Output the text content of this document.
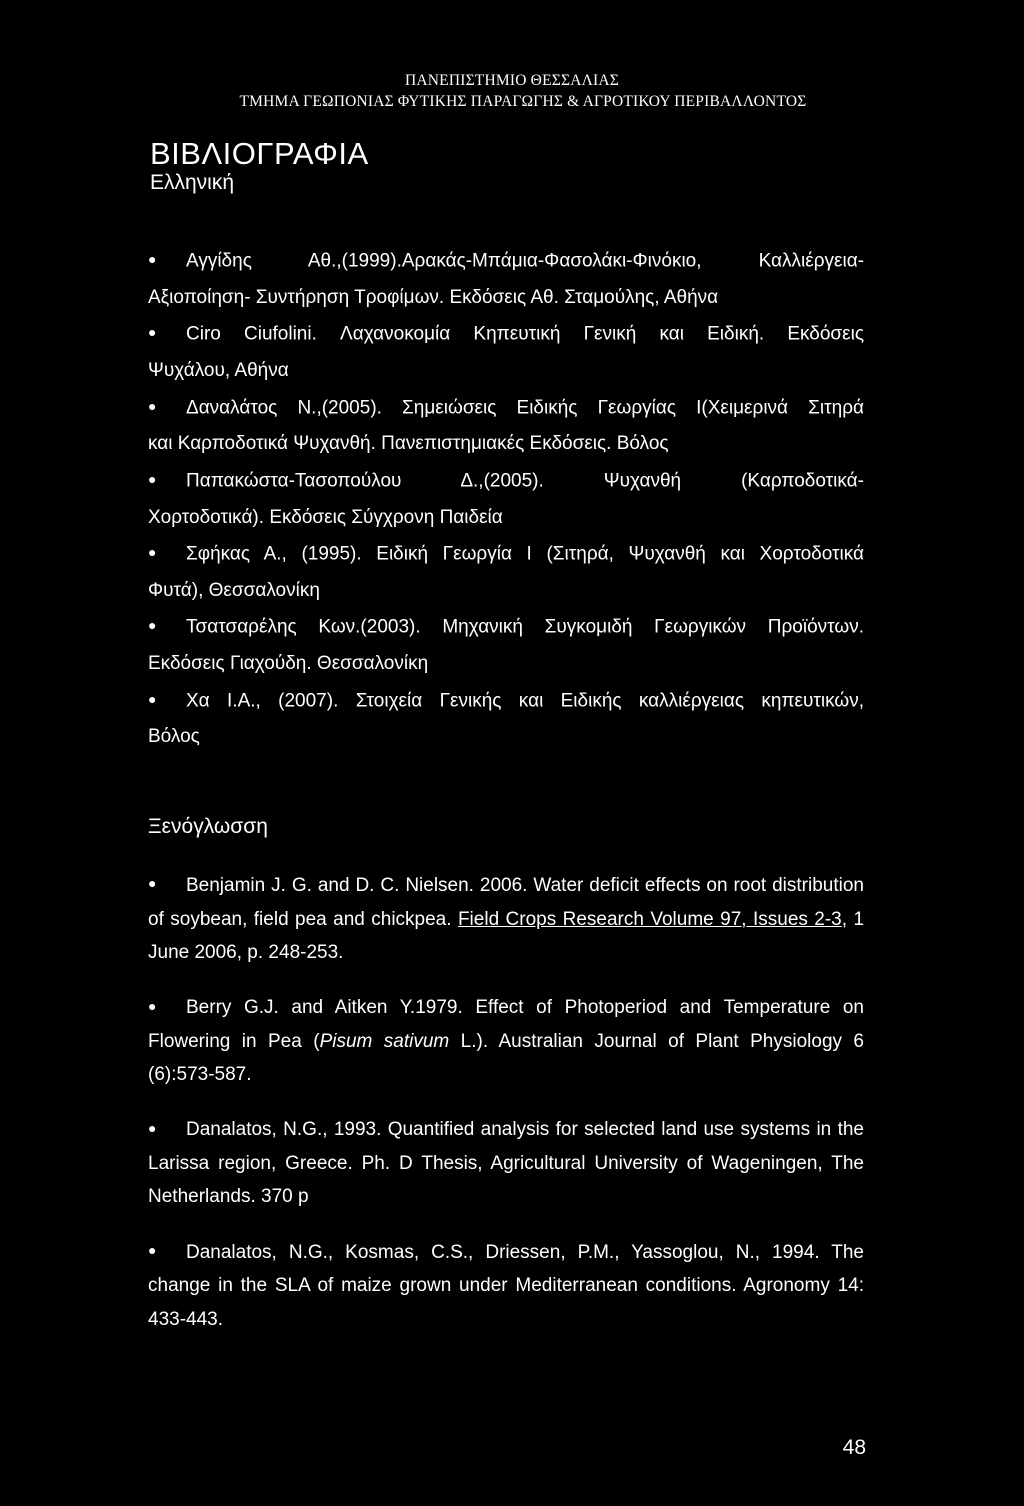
ΠΑΝΕΠΙΣΤΗΜΙΟ ΘΕΣΣΑΛΙΑΣ
ΤΜΗΜΑ ΓΕΩΠΟΝΙΑΣ ΦΥΤΙΚΗΣ ΠΑΡΑΓΩΓΗΣ & ΑΓΡΟΤΙΚΟΥ ΠΕΡΙΒΑΛΛΟΝΤΟΣ
ΒΙΒΛΙΟΓΡΑΦΙΑ
Ελληνική
● Αγγίδης Αθ.,(1999).Αρακάς-Μπάμια-Φασολάκι-Φινόκιο, Καλλιέργεια-
Αξιοποίηση- Συντήρηση Τροφίμων. Εκδόσεις Αθ. Σταμούλης, Αθήνα
● Ciro Ciufolini. Λαχανοκομία Κηπευτική Γενική και Ειδική. Εκδόσεις
Ψυχάλου, Αθήνα
● Δαναλάτος Ν.,(2005). Σημειώσεις Ειδικής Γεωργίας Ι(Χειμερινά Σιτηρά
και Καρποδοτικά Ψυχανθή. Πανεπιστημιακές Εκδόσεις. Βόλος
● Παπακώστα-Τασοπούλου Δ.,(2005). Ψυχανθή (Καρποδοτικά-
Χορτοδοτικά). Εκδόσεις Σύγχρονη Παιδεία
● Σφήκας Α., (1995). Ειδική Γεωργία Ι (Σιτηρά, Ψυχανθή και Χορτοδοτικά
Φυτά), Θεσσαλονίκη
● Τσατσαρέλης Κων.(2003). Μηχανική Συγκομιδή Γεωργικών Προϊόντων.
Εκδόσεις Γιαχούδη. Θεσσαλονίκη
● Χα Ι.Α., (2007). Στοιχεία Γενικής και Ειδικής καλλιέργειας κηπευτικών,
Βόλος
Ξενόγλωσση
● Benjamin J. G. and D. C. Nielsen. 2006. Water deficit effects on root distribution of soybean, field pea and chickpea. Field Crops Research Volume 97, Issues 2-3, 1 June 2006, p. 248-253.
● Berry G.J. and Aitken Y.1979. Effect of Photoperiod and Temperature on Flowering in Pea (Pisum sativum L.). Australian Journal of Plant Physiology 6 (6):573-587.
● Danalatos, N.G., 1993. Quantified analysis for selected land use systems in the Larissa region, Greece. Ph. D Thesis, Agricultural University of Wageningen, The Netherlands. 370 p
● Danalatos, N.G., Kosmas, C.S., Driessen, P.M., Yassoglou, N., 1994. The change in the SLA of maize grown under Mediterranean conditions. Agronomy 14: 433-443.
48
